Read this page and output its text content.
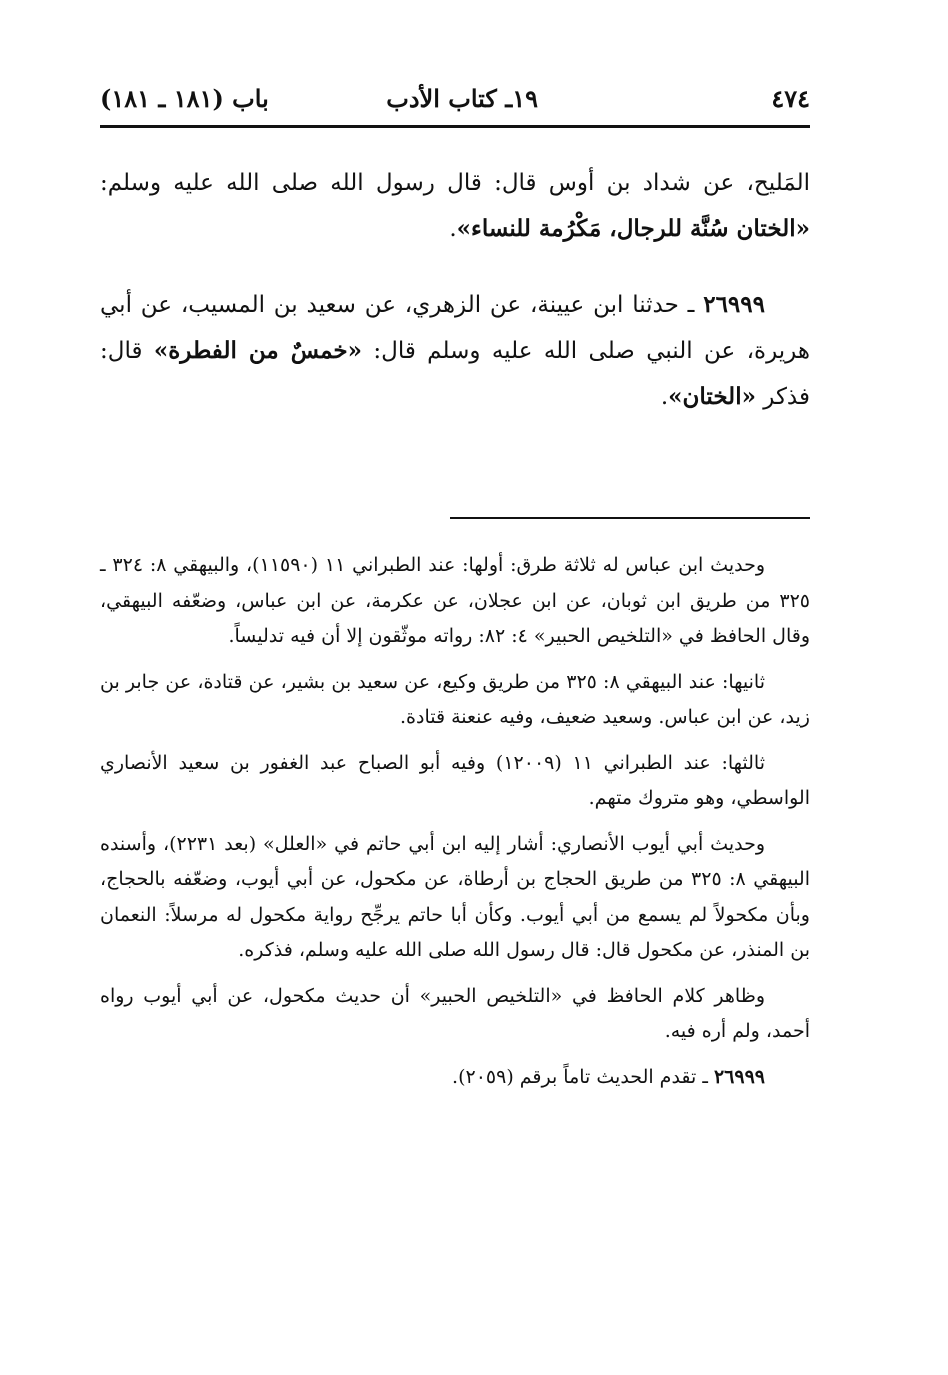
٤٧٤
١٩ـ كتاب الأدب
باب (١٨١ ـ ١٨١)

المَليح، عن شداد بن أوس قال: قال رسول الله صلى الله عليه وسلم: «الختان سُنَّة للرجال، مَكْرُمة للنساء».

٢٦٩٩٩ ـ حدثنا ابن عيينة، عن الزهري، عن سعيد بن المسيب، عن أبي هريرة، عن النبي صلى الله عليه وسلم قال: «خمسٌ من الفطرة» قال: فذكر «الختان».

وحديث ابن عباس له ثلاثة طرق: أولها: عند الطبراني ١١ (١١٥٩٠)، والبيهقي ٨: ٣٢٤ ـ ٣٢٥ من طريق ابن ثوبان، عن ابن عجلان، عن عكرمة، عن ابن عباس، وضعّفه البيهقي، وقال الحافظ في «التلخيص الحبير» ٤: ٨٢: رواته موثّقون إلا أن فيه تدليساً.

ثانيها: عند البيهقي ٨: ٣٢٥ من طريق وكيع، عن سعيد بن بشير، عن قتادة، عن جابر بن زيد، عن ابن عباس. وسعيد ضعيف، وفيه عنعنة قتادة.

ثالثها: عند الطبراني ١١ (١٢٠٠٩) وفيه أبو الصباح عبد الغفور بن سعيد الأنصاري الواسطي، وهو متروك متهم.

وحديث أبي أيوب الأنصاري: أشار إليه ابن أبي حاتم في «العلل» (بعد ٢٢٣١)، وأسنده البيهقي ٨: ٣٢٥ من طريق الحجاج بن أرطاة، عن مكحول، عن أبي أيوب، وضعّفه بالحجاج، وبأن مكحولاً لم يسمع من أبي أيوب. وكأن أبا حاتم يرجِّح رواية مكحول له مرسلاً: النعمان بن المنذر، عن مكحول قال: قال رسول الله صلى الله عليه وسلم، فذكره.

وظاهر كلام الحافظ في «التلخيص الحبير» أن حديث مكحول، عن أبي أيوب رواه أحمد، ولم أره فيه.

٢٦٩٩٩ ـ تقدم الحديث تاماً برقم (٢٠٥٩).
